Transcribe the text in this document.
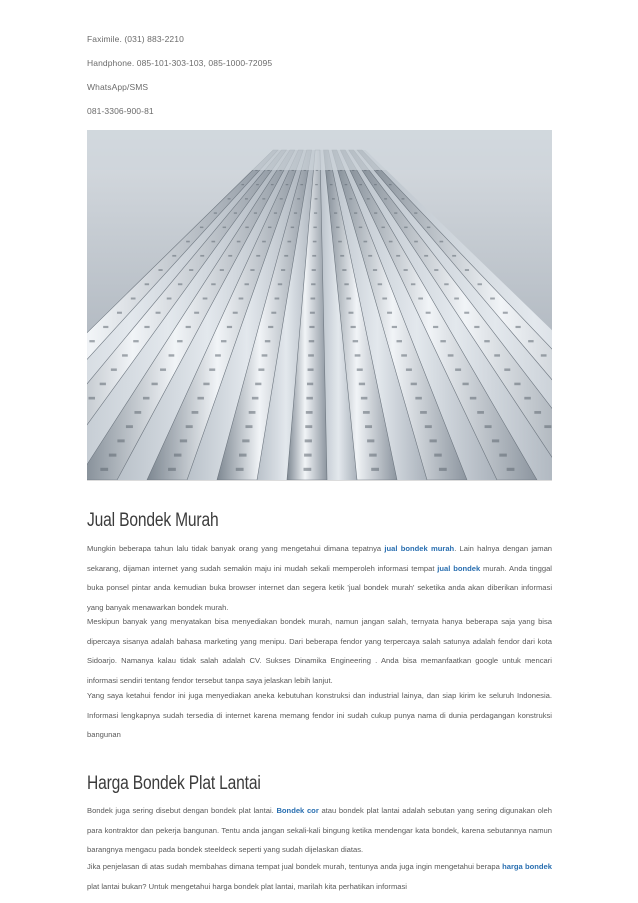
Faximile. (031) 883-2210
Handphone. 085-101-303-103, 085-1000-72095
WhatsApp/SMS
081-3306-900-81
Jual Bondek Murah

Mungkin beberapa tahun lalu tidak banyak orang yang mengetahui dimana tepatnya jual bondek murah. Lain halnya dengan jaman sekarang, dijaman internet yang sudah semakin maju ini mudah sekali memperoleh informasi tempat jual bondek murah. Anda tinggal buka ponsel pintar anda kemudian buka browser internet dan segera ketik 'jual bondek murah' seketika anda akan diberikan informasi yang banyak menawarkan bondek murah.

Meskipun banyak yang menyatakan bisa menyediakan bondek murah, namun jangan salah, ternyata hanya beberapa saja yang bisa dipercaya sisanya adalah bahasa marketing yang menipu. Dari beberapa fendor yang terpercaya salah satunya adalah fendor dari kota Sidoarjo. Namanya kalau tidak salah adalah CV. Sukses Dinamika Engineering . Anda bisa memanfaatkan google untuk mencari informasi sendiri tentang fendor tersebut tanpa saya jelaskan lebih lanjut.

Yang saya ketahui fendor ini juga menyediakan aneka kebutuhan konstruksi dan industrial lainya, dan siap kirim ke seluruh Indonesia. Informasi lengkapnya sudah tersedia di internet karena memang fendor ini sudah cukup punya nama di dunia perdagangan konstruksi bangunan

Harga Bondek Plat Lantai

Bondek juga sering disebut dengan bondek plat lantai. Bondek cor atau bondek plat lantai adalah sebutan yang sering digunakan oleh para kontraktor dan pekerja bangunan. Tentu anda jangan sekali-kali bingung ketika mendengar kata bondek, karena sebutannya namun barangnya mengacu pada bondek steeldeck seperti yang sudah dijelaskan diatas.

Jika penjelasan di atas sudah membahas dimana tempat jual bondek murah, tentunya anda juga ingin mengetahui berapa harga bondek plat lantai bukan? Untuk mengetahui harga bondek plat lantai, marilah kita perhatikan informasi
